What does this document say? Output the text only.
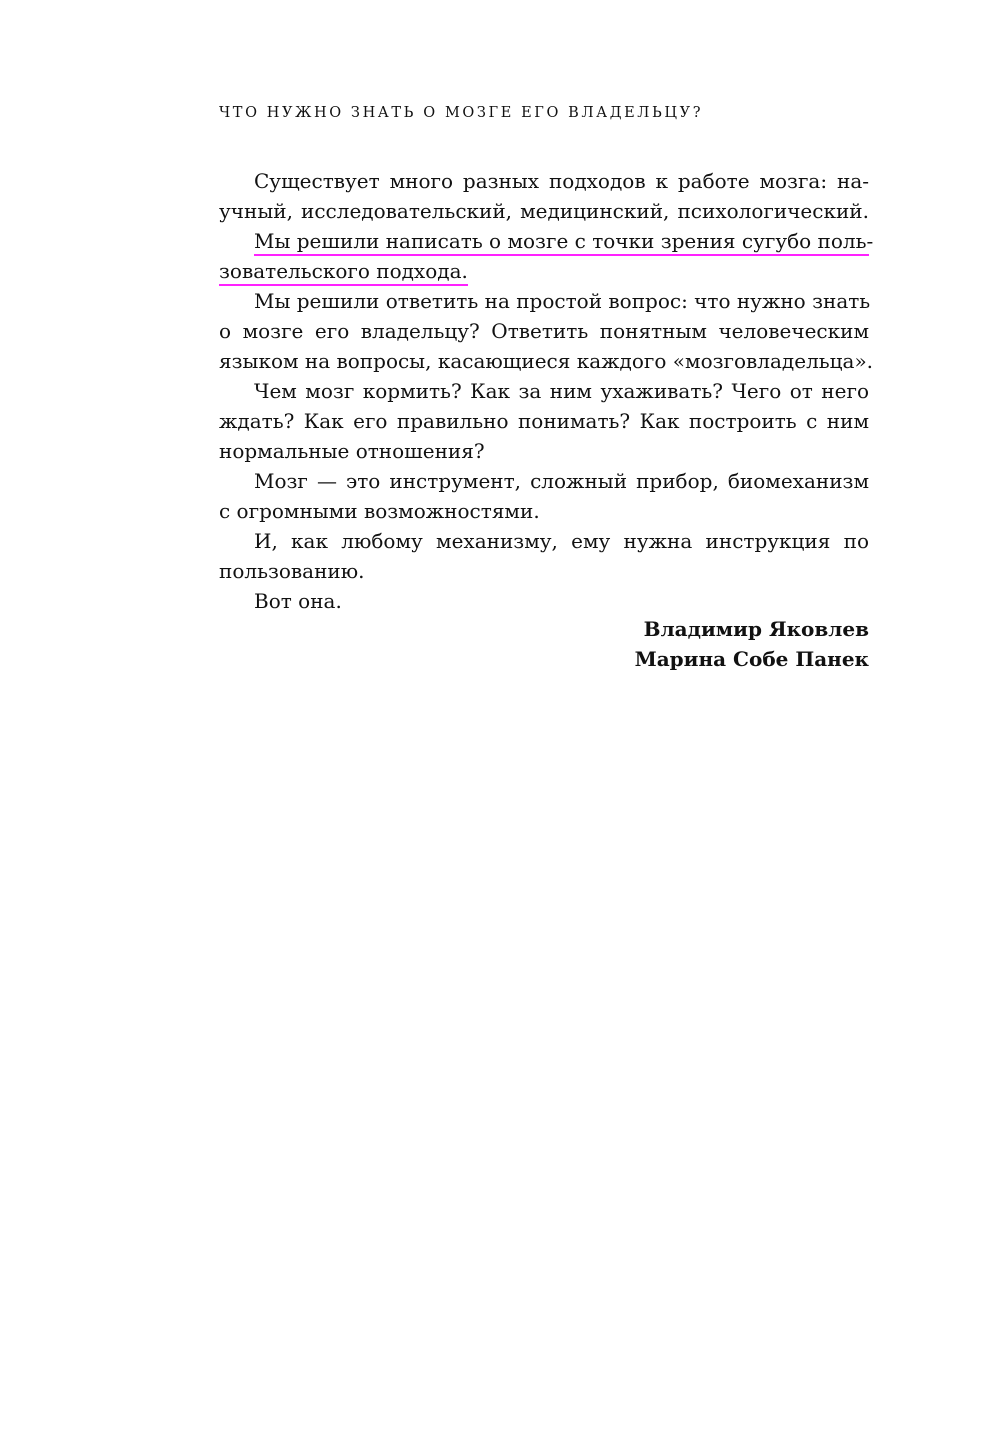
ЧТО НУЖНО ЗНАТЬ О МОЗГЕ ЕГО ВЛАДЕЛЬЦУ?
Существует много разных подходов к работе мозга: на-
учный, исследовательский, медицинский, психологический.
Мы решили написать о мозге с точки зрения сугубо поль-
зовательского подхода.
Мы решили ответить на простой вопрос: что нужно знать
о мозге его владельцу? Ответить понятным человеческим
языком на вопросы, касающиеся каждого «мозговладельца».
Чем мозг кормить? Как за ним ухаживать? Чего от него
ждать? Как его правильно понимать? Как построить с ним
нормальные отношения?
Мозг — это инструмент, сложный прибор, биомеханизм
с огромными возможностями.
И, как любому механизму, ему нужна инструкция по
пользованию.
Вот она.
Владимир Яковлев
Марина Собе Панек
